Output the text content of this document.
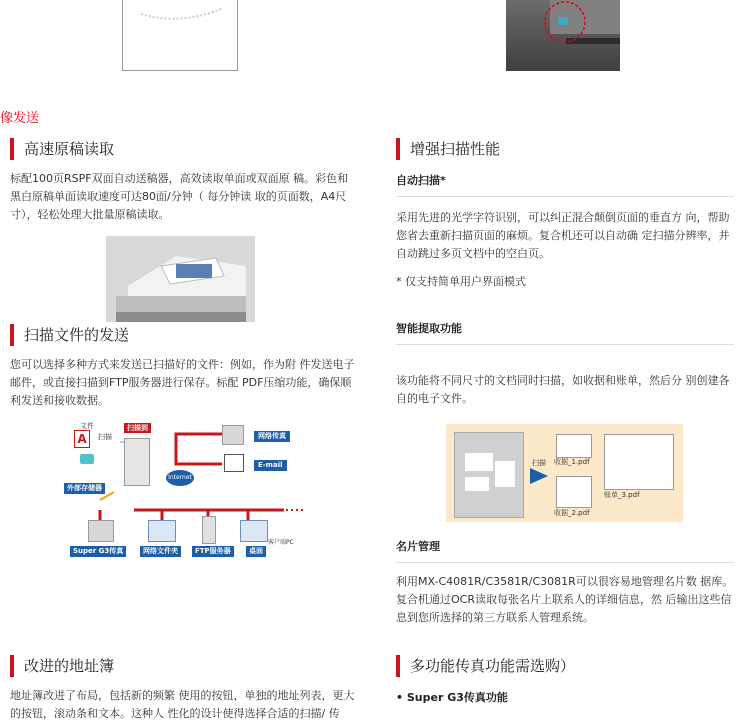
像发送
高速原稿读取
标配100页RSPF双面自动送稿器，高效读取单面或双面原 稿。彩色和黑白原稿单面读取速度可达80面/分钟（ 每分钟读 取的页面数，A4尺寸），轻松处理大批量原稿读取。
扫描文件的发送
您可以选择多种方式来发送已扫描好的文件：例如，作为附 件发送电子邮件，或直接扫描到FTP服务器进行保存。标配 PDF压缩功能，确保顺利发送和接收数据。
文件
A	扫描
扫描到
外部存储器
Internet
网络传真
E-mail
客户端PC
Super G3传真	网络文件夹	FTP服务器	桌面
改进的地址簿
地址簿改进了布局，包括新的频繁 使用的按钮，单独的地址列表，更大的按钮，滚动条和文本。这种人 性化的设计使得选择合适的扫描/ 传
增强扫描性能
自动扫描*
采用先进的光学字符识别，可以纠正混合颠倒页面的垂直方 向，帮助您省去重新扫描页面的麻烦。复合机还可以自动确 定扫描分辨率，并自动跳过多页文档中的空白页。
* 仅支持简单用户界面模式
智能提取功能
该功能将不同尺寸的文档同时扫描，如收据和账单，然后分 别创建各自的电子文件。
扫描 收据_1.pdf
收据_2.pdf
账单_3.pdf
名片管理
利用MX-C4081R/C3581R/C3081R可以很容易地管理名片数 据库。复合机通过OCR读取每张名片上联系人的详细信息，然 后输出这些信息到您所选择的第三方联系人管理系统。
多功能传真功能需选购）
• Super G3传真功能
